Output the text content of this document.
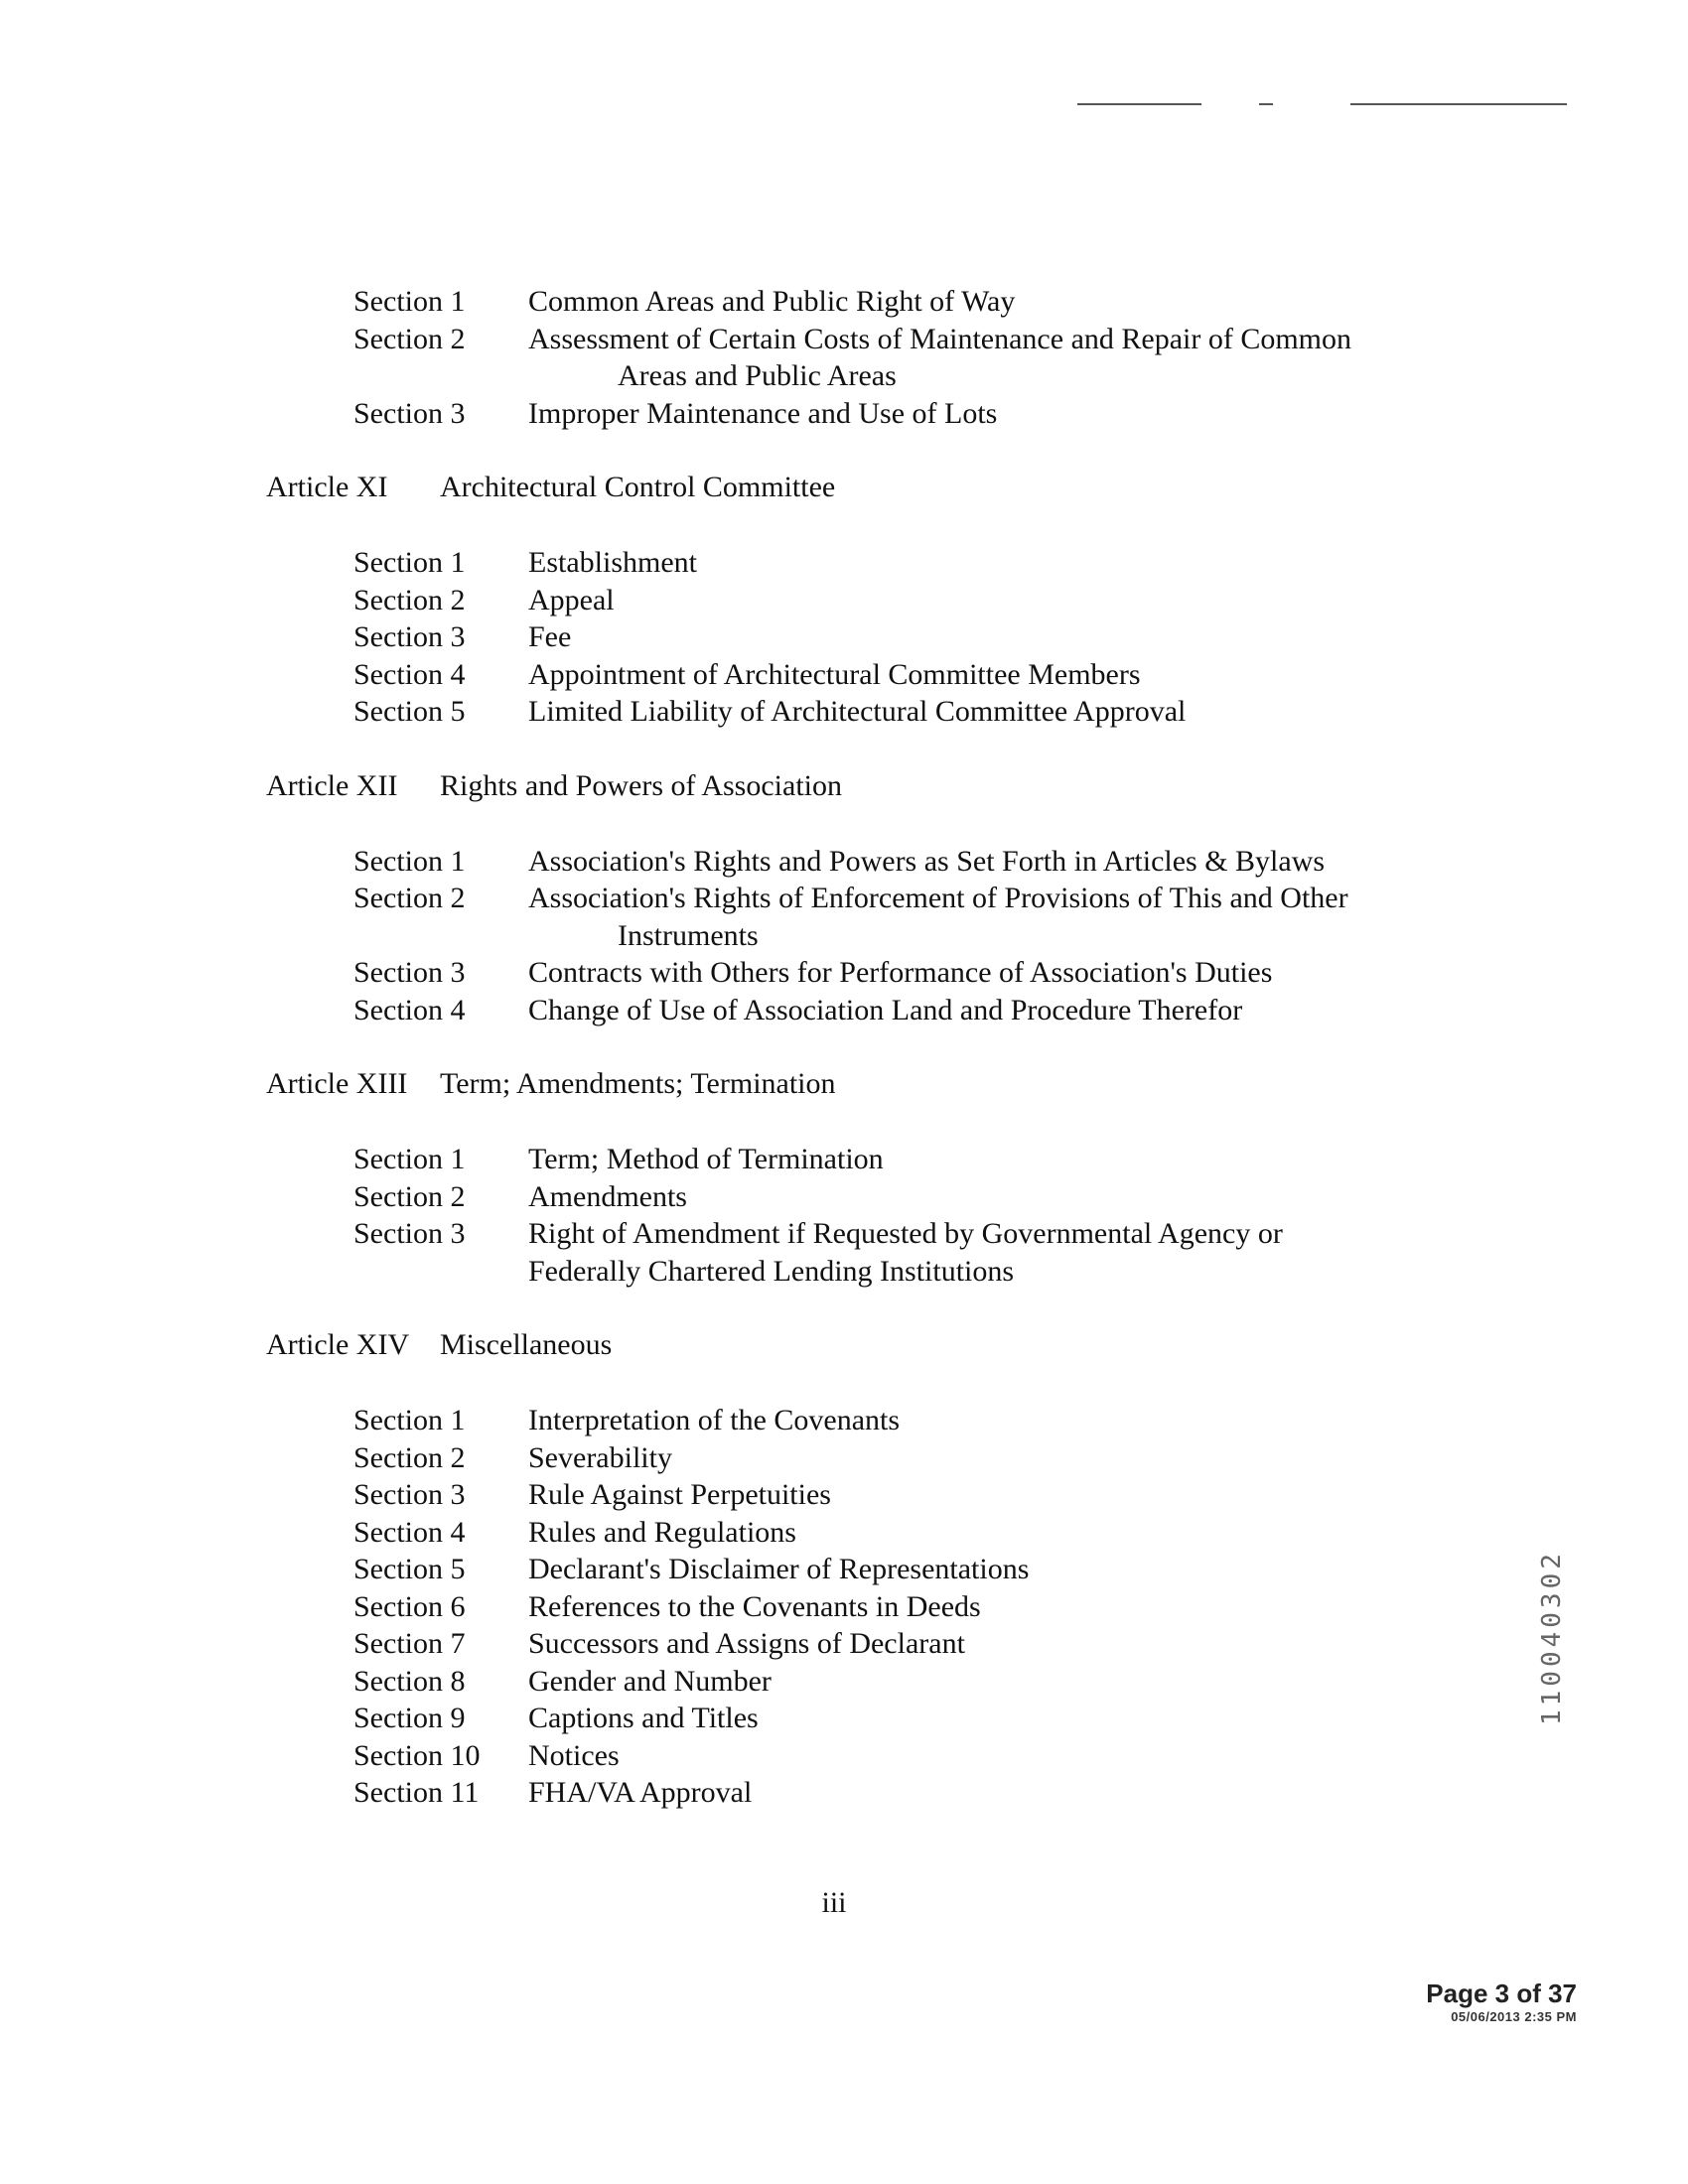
Section 1 Common Areas and Public Right of Way
Section 2 Assessment of Certain Costs of Maintenance and Repair of Common
Areas and Public Areas
Section 3 Improper Maintenance and Use of Lots
Article XI Architectural Control Committee
Section 1 Establishment
Section 2 Appeal
Section 3 Fee
Section 4 Appointment of Architectural Committee Members
Section 5 Limited Liability of Architectural Committee Approval
Article XII Rights and Powers of Association
Section 1 Association's Rights and Powers as Set Forth in Articles & Bylaws
Section 2 Association's Rights of Enforcement of Provisions of This and Other
Instruments
Section 3 Contracts with Others for Performance of Association's Duties
Section 4 Change of Use of Association Land and Procedure Therefor
Article XIII Term; Amendments; Termination
Section 1 Term; Method of Termination
Section 2 Amendments
Section 3 Right of Amendment if Requested by Governmental Agency or
Federally Chartered Lending Institutions
Article XIV Miscellaneous
Section 1 Interpretation of the Covenants
Section 2 Severability
Section 3 Rule Against Perpetuities
Section 4 Rules and Regulations
Section 5 Declarant's Disclaimer of Representations
Section 6 References to the Covenants in Deeds
Section 7 Successors and Assigns of Declarant
Section 8 Gender and Number
Section 9 Captions and Titles
Section 10 Notices
Section 11 FHA/VA Approval
iii
Page 3 of 37
05/06/2013 2:35 PM
110040302
